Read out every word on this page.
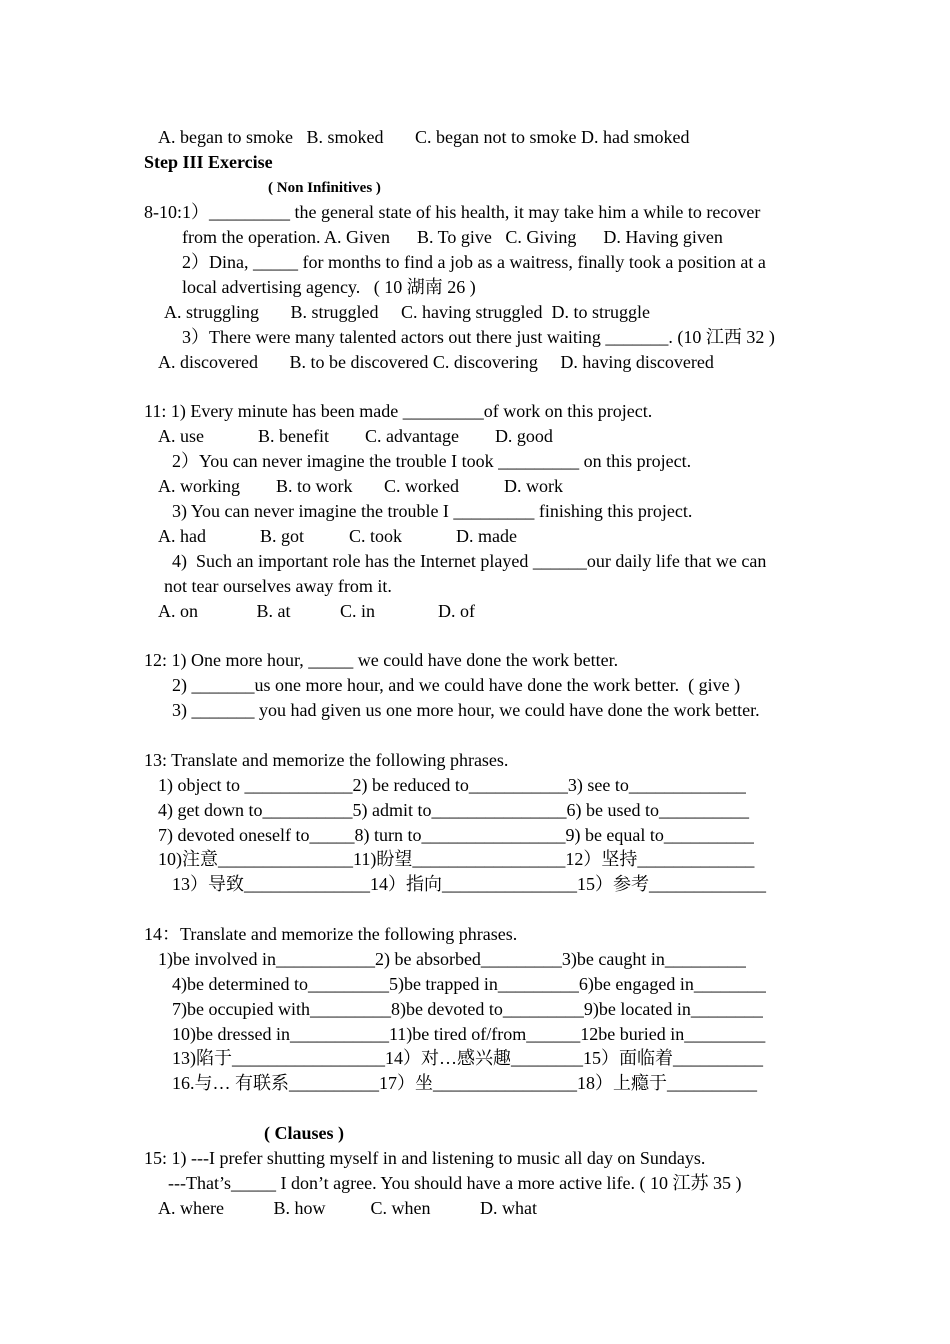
A. began to smoke   B. smoked       C. began not to smoke D. had smoked
Step III Exercise
( Non Infinitives )
8-10:1）_________ the general state of his health, it may take him a while to recover
from the operation. A. Given      B. To give   C. Giving      D. Having given
2）Dina, _____ for months to find a job as a waitress, finally took a position at a
local advertising agency.   ( 10 湖南 26 )
A. struggling       B. struggled     C. having struggled  D. to struggle
3）There were many talented actors out there just waiting _______. (10 江西 32 )
A. discovered       B. to be discovered C. discovering     D. having discovered
11: 1) Every minute has been made _________of work on this project.
A. use            B. benefit        C. advantage        D. good
2）You can never imagine the trouble I took _________ on this project.
A. working        B. to work       C. worked          D. work
3) You can never imagine the trouble I _________ finishing this project.
A. had            B. got          C. took            D. made
4)  Such an important role has the Internet played ______our daily life that we can
not tear ourselves away from it.
A. on             B. at           C. in              D. of
12: 1) One more hour, _____ we could have done the work better.
2) _______us one more hour, and we could have done the work better.  ( give )
3) _______ you had given us one more hour, we could have done the work better.
13: Translate and memorize the following phrases.
1) object to ____________2) be reduced to___________3) see to_____________
4) get down to__________5) admit to_______________6) be used to__________
7) devoted oneself to_____8) turn to________________9) be equal to__________
10)注意_______________11)盼望_________________12）坚持_____________
13）导致______________14）指向_______________15）参考_____________
14：Translate and memorize the following phrases.
1)be involved in___________2) be absorbed_________3)be caught in_________
4)be determined to_________5)be trapped in_________6)be engaged in________
7)be occupied with_________8)be devoted to_________9)be located in________
10)be dressed in___________11)be tired of/from______12be buried in_________
13)陷于_________________14）对…感兴趣________15）面临着__________
16.与… 有联系__________17）坐________________18）上瘾于__________
( Clauses )
15: 1) ---I prefer shutting myself in and listening to music all day on Sundays.
---That’s_____ I don’t agree. You should have a more active life. ( 10 江苏 35 )
A. where           B. how          C. when           D. what
